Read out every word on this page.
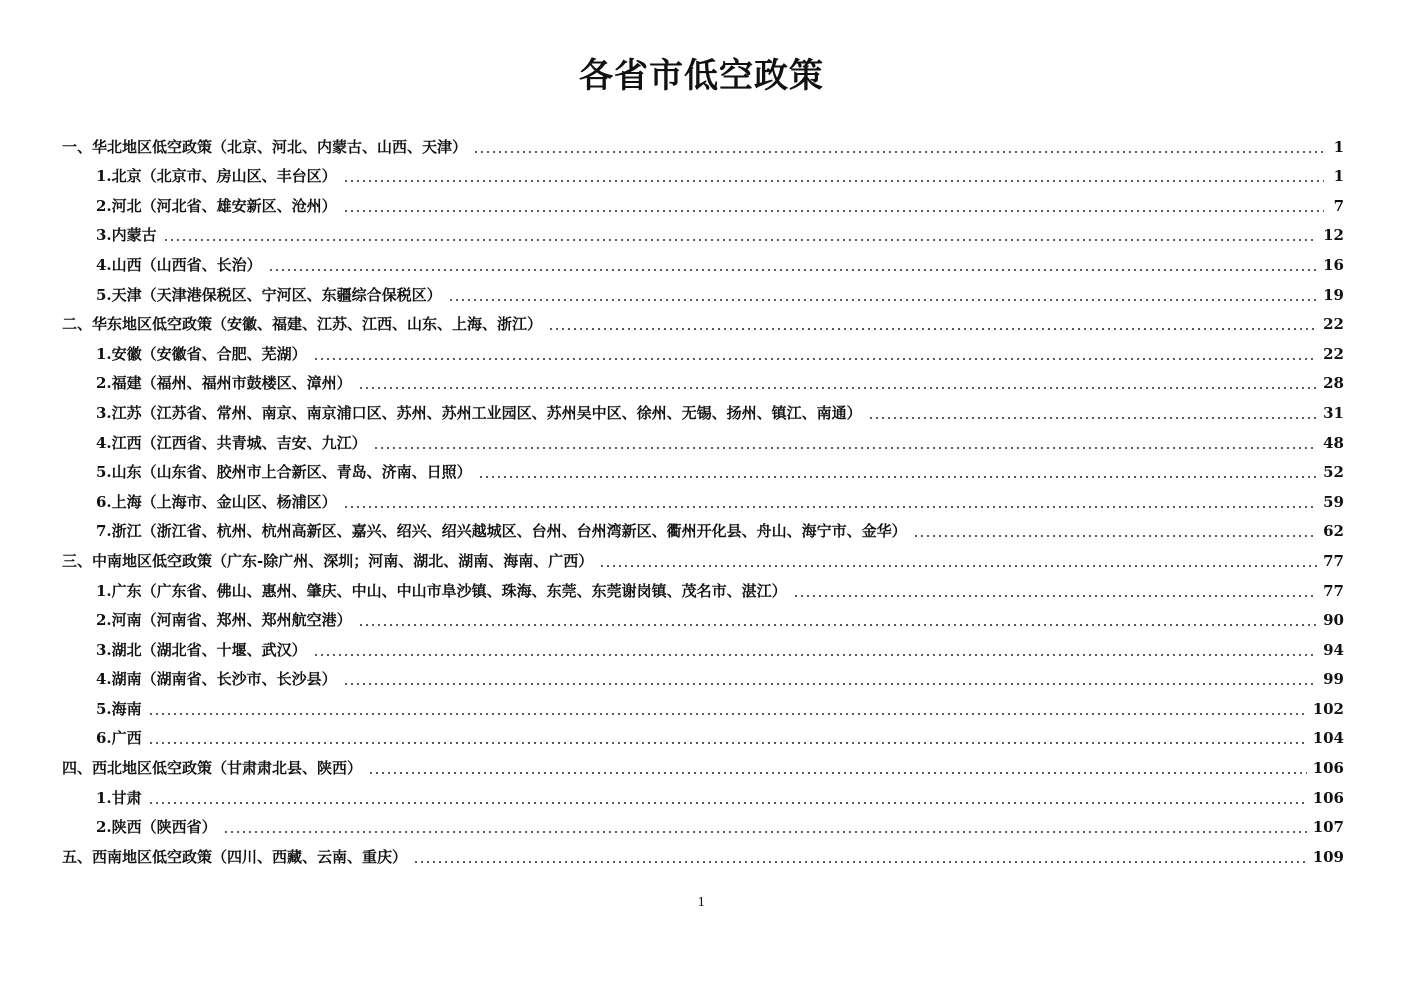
各省市低空政策
一、华北地区低空政策（北京、河北、内蒙古、山西、天津）	1
1.北京（北京市、房山区、丰台区）	1
2.河北（河北省、雄安新区、沧州）	7
3.内蒙古	12
4.山西（山西省、长治）	16
5.天津（天津港保税区、宁河区、东疆综合保税区）	19
二、华东地区低空政策（安徽、福建、江苏、江西、山东、上海、浙江）	22
1.安徽（安徽省、合肥、芜湖）	22
2.福建（福州、福州市鼓楼区、漳州）	28
3.江苏（江苏省、常州、南京、南京浦口区、苏州、苏州工业园区、苏州吴中区、徐州、无锡、扬州、镇江、南通）	31
4.江西（江西省、共青城、吉安、九江）	48
5.山东（山东省、胶州市上合新区、青岛、济南、日照）	52
6.上海（上海市、金山区、杨浦区）	59
7.浙江（浙江省、杭州、杭州高新区、嘉兴、绍兴、绍兴越城区、台州、台州湾新区、衢州开化县、舟山、海宁市、金华）	62
三、中南地区低空政策（广东-除广州、深圳；河南、湖北、湖南、海南、广西）	77
1.广东（广东省、佛山、惠州、肇庆、中山、中山市阜沙镇、珠海、东莞、东莞谢岗镇、茂名市、湛江）	77
2.河南（河南省、郑州、郑州航空港）	90
3.湖北（湖北省、十堰、武汉）	94
4.湖南（湖南省、长沙市、长沙县）	99
5.海南	102
6.广西	104
四、西北地区低空政策（甘肃肃北县、陕西）	106
1.甘肃	106
2.陕西（陕西省）	107
五、西南地区低空政策（四川、西藏、云南、重庆）	109
1
